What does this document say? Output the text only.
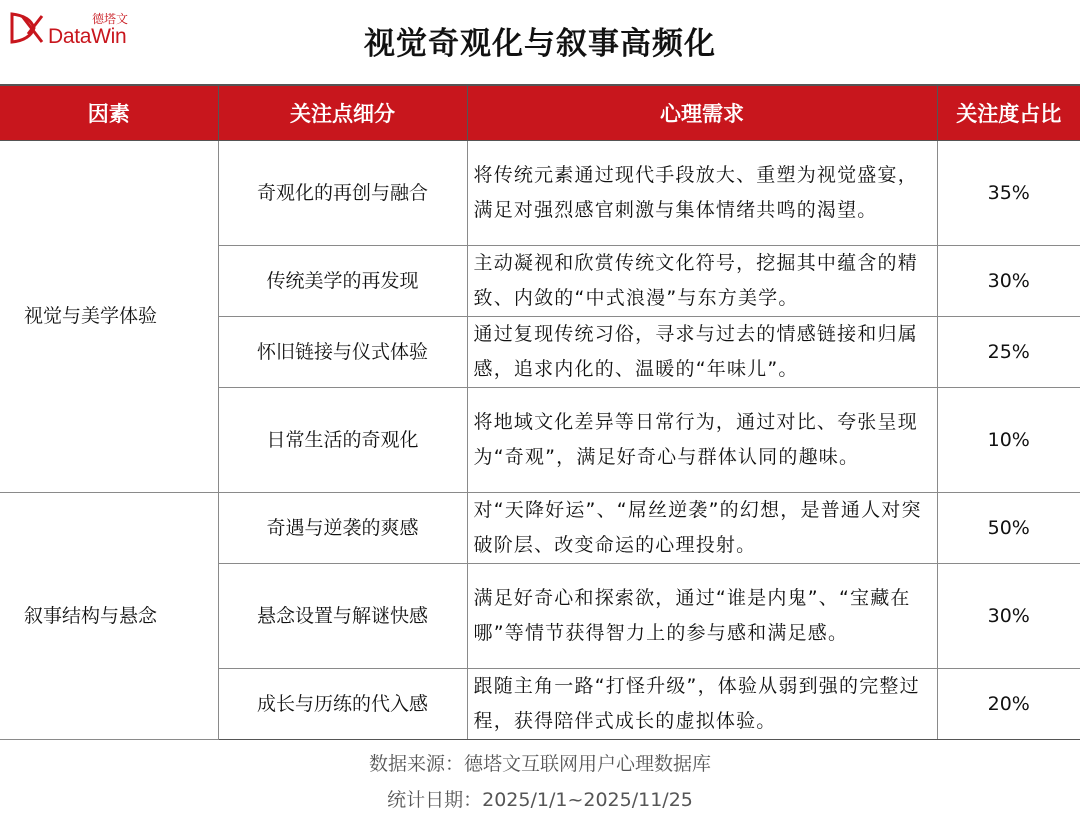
德塔文
DataWin	视觉奇观化与叙事高频化
因素	关注点细分	心理需求	关注度占比
视觉与美学体验	奇观化的再创与融合	将传统元素通过现代手段放大、重塑为视觉盛宴，满足对强烈感官刺激与集体情绪共鸣的渴望。	35%
	传统美学的再发现	主动凝视和欣赏传统文化符号，挖掘其中蕴含的精致、内敛的“中式浪漫”与东方美学。	30%
	怀旧链接与仪式体验	通过复现传统习俗，寻求与过去的情感链接和归属感，追求内化的、温暖的“年味儿”。	25%
	日常生活的奇观化	将地域文化差异等日常行为，通过对比、夸张呈现为“奇观”，满足好奇心与群体认同的趣味。	10%
叙事结构与悬念	奇遇与逆袭的爽感	对“天降好运”、“屌丝逆袭”的幻想，是普通人对突破阶层、改变命运的心理投射。	50%
	悬念设置与解谜快感	满足好奇心和探索欲，通过“谁是内鬼”、“宝藏在哪”等情节获得智力上的参与感和满足感。	30%
	成长与历练的代入感	跟随主角一路“打怪升级”，体验从弱到强的完整过程，获得陪伴式成长的虚拟体验。	20%
数据来源：德塔文互联网用户心理数据库
统计日期：2025/1/1~2025/11/25
